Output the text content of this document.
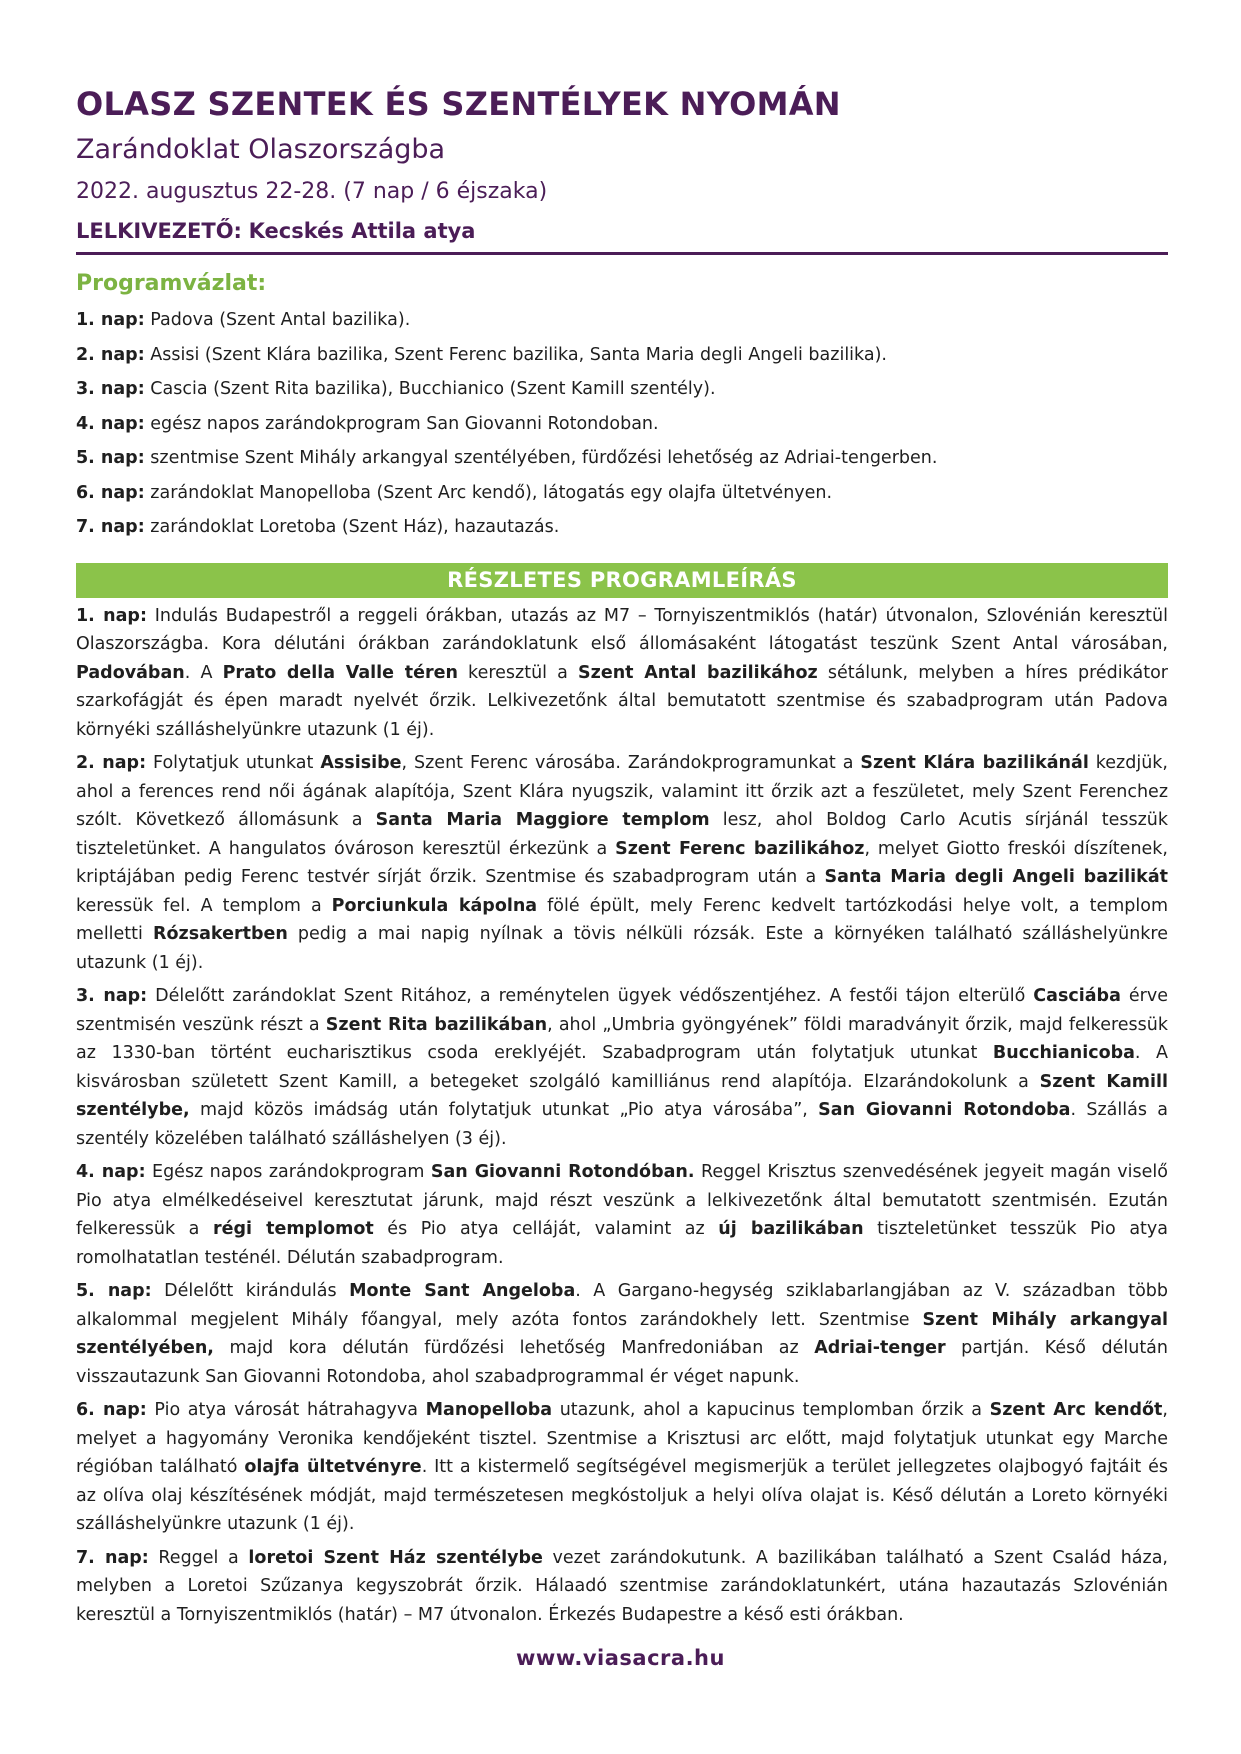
OLASZ SZENTEK ÉS SZENTÉLYEK NYOMÁN

Zarándoklat Olaszországba

2022. augusztus 22-28. (7 nap / 6 éjszaka)

LELKIVEZETŐ: Kecskés Attila atya

Programvázlat:

1. nap: Padova (Szent Antal bazilika).
2. nap: Assisi (Szent Klára bazilika, Szent Ferenc bazilika, Santa Maria degli Angeli bazilika).
3. nap: Cascia (Szent Rita bazilika), Bucchianico (Szent Kamill szentély).
4. nap: egész napos zarándokprogram San Giovanni Rotondoban.
5. nap: szentmise Szent Mihály arkangyal szentélyében, fürdőzési lehetőség az Adriai-tengerben.
6. nap: zarándoklat Manopelloba (Szent Arc kendő), látogatás egy olajfa ültetvényen.
7. nap: zarándoklat Loretoba (Szent Ház), hazautazás.
RÉSZLETES PROGRAMLEÍRÁS

1. nap: Indulás Budapestről a reggeli órákban, utazás az M7 – Tornyiszentmiklós (határ) útvonalon, Szlovénián keresztül Olaszországba. Kora délutáni órákban zarándoklatunk első állomásaként látogatást teszünk Szent Antal városában, Padovában. A Prato della Valle téren keresztül a Szent Antal bazilikához sétálunk, melyben a híres prédikátor szarkofágját és épen maradt nyelvét őrzik. Lelkivezetőnk által bemutatott szentmise és szabadprogram után Padova környéki szálláshelyünkre utazunk (1 éj).

2. nap: Folytatjuk utunkat Assisibe, Szent Ferenc városába. Zarándokprogramunkat a Szent Klára bazilikánál kezdjük, ahol a ferences rend női ágának alapítója, Szent Klára nyugszik, valamint itt őrzik azt a feszületet, mely Szent Ferenchez szólt. Következő állomásunk a Santa Maria Maggiore templom lesz, ahol Boldog Carlo Acutis sírjánál tesszük tiszteletünket. A hangulatos óvároson keresztül érkezünk a Szent Ferenc bazilikához, melyet Giotto freskói díszítenek, kriptájában pedig Ferenc testvér sírját őrzik. Szentmise és szabadprogram után a Santa Maria degli Angeli bazilikát keressük fel. A templom a Porciunkula kápolna fölé épült, mely Ferenc kedvelt tartózkodási helye volt, a templom melletti Rózsakertben pedig a mai napig nyílnak a tövis nélküli rózsák. Este a környéken található szálláshelyünkre utazunk (1 éj).

3. nap: Délelőtt zarándoklat Szent Ritához, a reménytelen ügyek védőszentjéhez. A festői tájon elterülő Casciába érve szentmisén veszünk részt a Szent Rita bazilikában, ahol „Umbria gyöngyének” földi maradványit őrzik, majd felkeressük az 1330-ban történt eucharisztikus csoda ereklyéjét. Szabadprogram után folytatjuk utunkat Bucchianicoba. A kisvárosban született Szent Kamill, a betegeket szolgáló kamilliánus rend alapítója. Elzarándokolunk a Szent Kamill szentélybe, majd közös imádság után folytatjuk utunkat „Pio atya városába”, San Giovanni Rotondoba. Szállás a szentély közelében található szálláshelyen (3 éj).

4. nap: Egész napos zarándokprogram San Giovanni Rotondóban. Reggel Krisztus szenvedésének jegyeit magán viselő Pio atya elmélkedéseivel keresztutat járunk, majd részt veszünk a lelkivezetőnk által bemutatott szentmisén. Ezután felkeressük a régi templomot és Pio atya celláját, valamint az új bazilikában tiszteletünket tesszük Pio atya romolhatatlan testénél. Délután szabadprogram.

5. nap: Délelőtt kirándulás Monte Sant Angeloba. A Gargano-hegység sziklabarlangjában az V. században több alkalommal megjelent Mihály főangyal, mely azóta fontos zarándokhely lett. Szentmise Szent Mihály arkangyal szentélyében, majd kora délután fürdőzési lehetőség Manfredoniában az Adriai-tenger partján. Késő délután visszautazunk San Giovanni Rotondoba, ahol szabadprogrammal ér véget napunk.

6. nap: Pio atya városát hátrahagyva Manopelloba utazunk, ahol a kapucinus templomban őrzik a Szent Arc kendőt, melyet a hagyomány Veronika kendőjeként tisztel. Szentmise a Krisztusi arc előtt, majd folytatjuk utunkat egy Marche régióban található olajfa ültetvényre. Itt a kistermelő segítségével megismerjük a terület jellegzetes olajbogyó fajtáit és az olíva olaj készítésének módját, majd természetesen megkóstoljuk a helyi olíva olajat is. Késő délután a Loreto környéki szálláshelyünkre utazunk (1 éj).

7. nap: Reggel a loretoi Szent Ház szentélybe vezet zarándokutunk. A bazilikában található a Szent Család háza, melyben a Loretoi Szűzanya kegyszobrát őrzik. Hálaadó szentmise zarándoklatunkért, utána hazautazás Szlovénián keresztül a Tornyiszentmiklós (határ) – M7 útvonalon. Érkezés Budapestre a késő esti órákban.

www.viasacra.hu
